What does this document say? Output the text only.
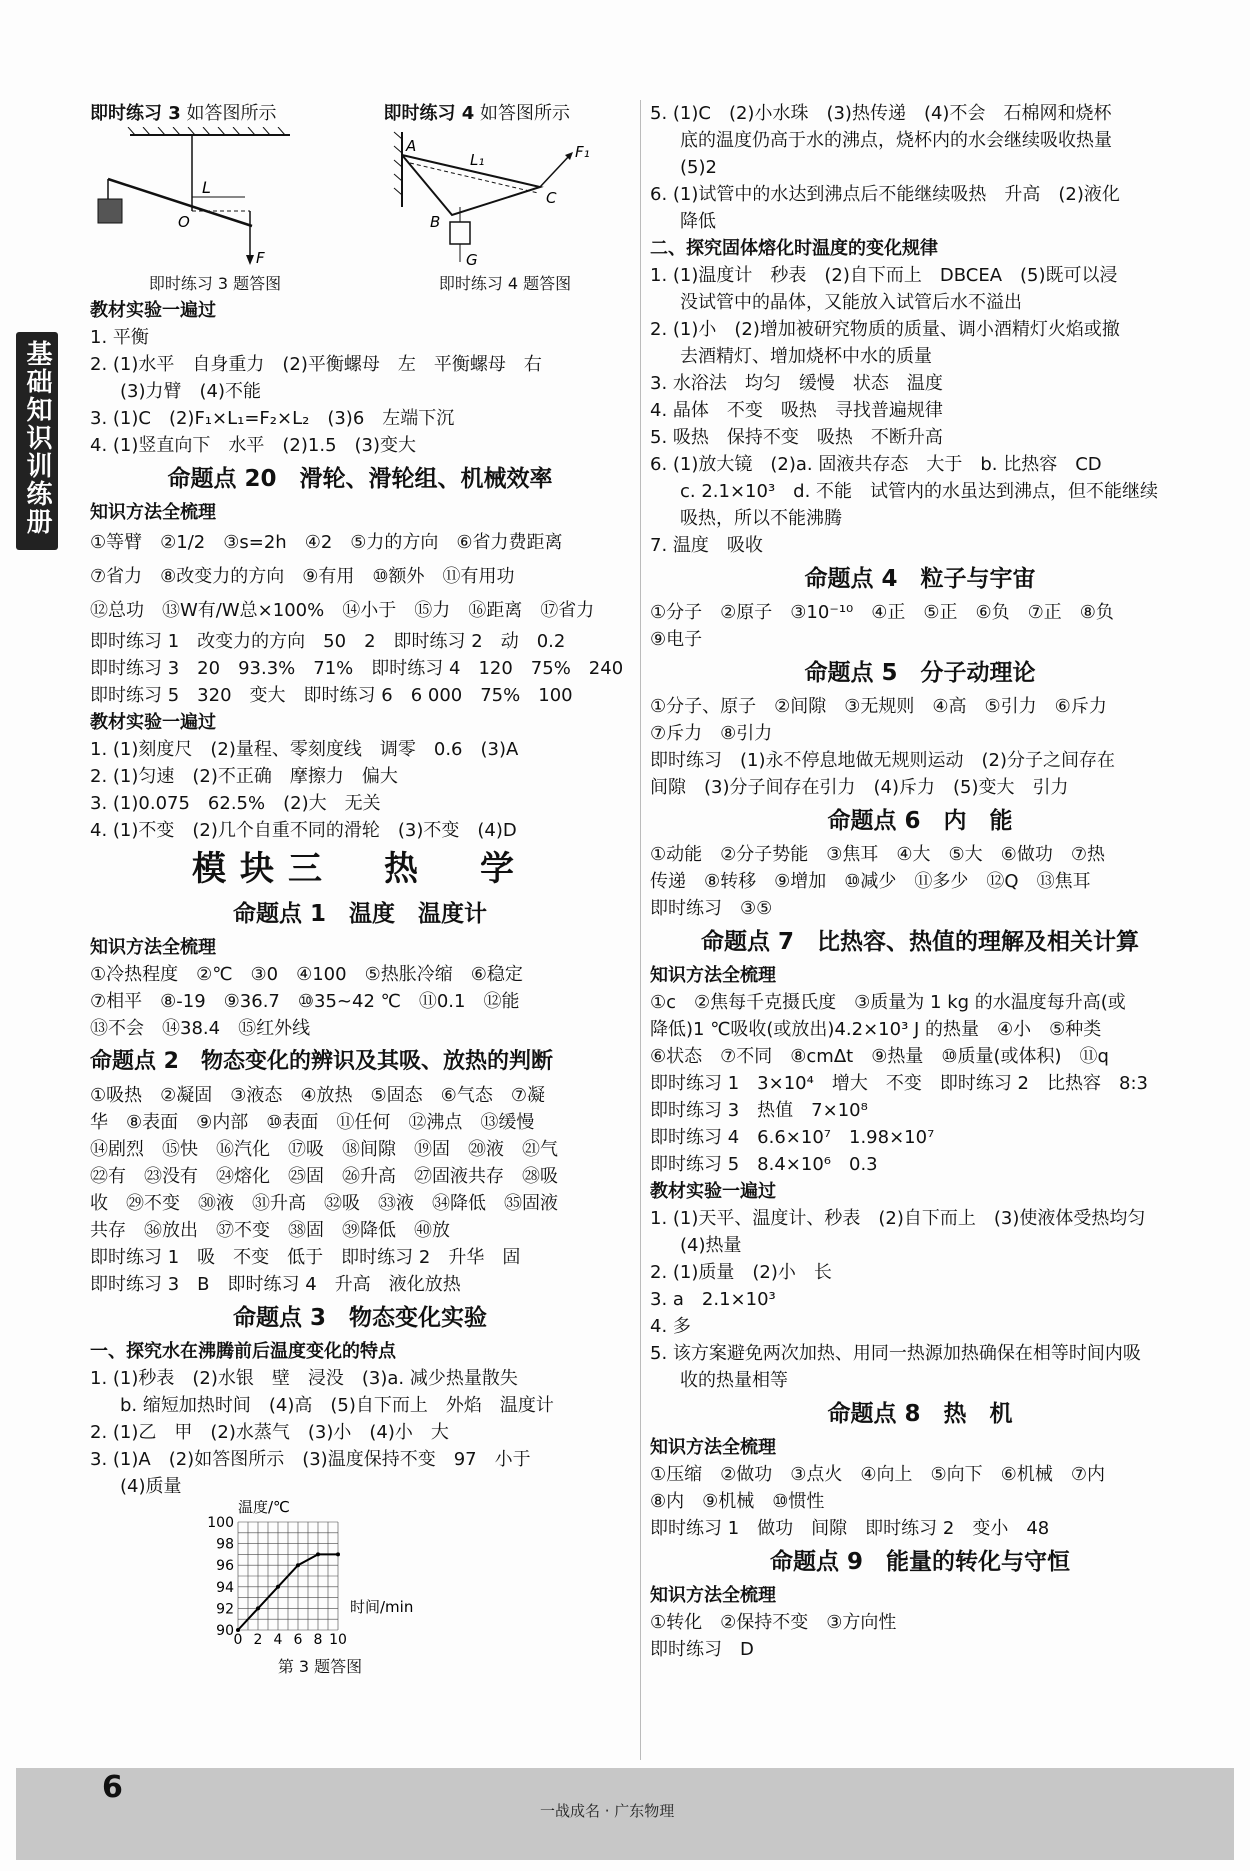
基础知识训练册
即时练习 3 如答图所示	即时练习 4 如答图所示
L
O
F
即时练习 3 题答图
A
L₁	F₁
B
C
G
即时练习 4 题答图
教材实验一遍过
1. 平衡
2. (1)水平　自身重力　(2)平衡螺母　左　平衡螺母　右
(3)力臂　(4)不能
3. (1)C　(2)F₁×L₁=F₂×L₂　(3)6　左端下沉
4. (1)竖直向下　水平　(2)1.5　(3)变大
命题点 20　滑轮、滑轮组、机械效率
知识方法全梳理
①等臂　②1/2　③s=2h　④2　⑤力的方向　⑥省力费距离
⑦省力　⑧改变力的方向　⑨有用　⑩额外　⑪有用功
⑫总功　⑬W有/W总×100%　⑭小于　⑮力　⑯距离　⑰省力
即时练习 1　改变力的方向　50　2　即时练习 2　动　0.2
即时练习 3　20　93.3%　71%　即时练习 4　120　75%　240
即时练习 5　320　变大　即时练习 6　6 000　75%　100
教材实验一遍过
1. (1)刻度尺　(2)量程、零刻度线　调零　0.6　(3)A
2. (1)匀速　(2)不正确　摩擦力　偏大
3. (1)0.075　62.5%　(2)大　无关
4. (1)不变　(2)几个自重不同的滑轮　(3)不变　(4)D
模块三　热　学
命题点 1　温度　温度计
知识方法全梳理
①冷热程度　②℃　③0　④100　⑤热胀冷缩　⑥稳定
⑦相平　⑧-19　⑨36.7　⑩35~42 ℃　⑪0.1　⑫能
⑬不会　⑭38.4　⑮红外线
命题点 2　物态变化的辨识及其吸、放热的判断
①吸热　②凝固　③液态　④放热　⑤固态　⑥气态　⑦凝
华　⑧表面　⑨内部　⑩表面　⑪任何　⑫沸点　⑬缓慢
⑭剧烈　⑮快　⑯汽化　⑰吸　⑱间隙　⑲固　⑳液　㉑气
㉒有　㉓没有　㉔熔化　㉕固　㉖升高　㉗固液共存　㉘吸
收　㉙不变　㉚液　㉛升高　㉜吸　㉝液　㉞降低　㉟固液
共存　㊱放出　㊲不变　㊳固　㊴降低　㊵放
即时练习 1　吸　不变　低于　即时练习 2　升华　固
即时练习 3　B　即时练习 4　升高　液化放热
命题点 3　物态变化实验
一、探究水在沸腾前后温度变化的特点
1. (1)秒表　(2)水银　壁　浸没　(3)a. 减少热量散失
b. 缩短加热时间　(4)高　(5)自下而上　外焰　温度计
2. (1)乙　甲　(2)水蒸气　(3)小　(4)小　大
3. (1)A　(2)如答图所示　(3)温度保持不变　97　小于
(4)质量
温度/℃
时间/min
100
98
96
94
92
90
0 2 4 6 8 10
第 3 题答图
5. (1)C　(2)小水珠　(3)热传递　(4)不会　石棉网和烧杯
底的温度仍高于水的沸点，烧杯内的水会继续吸收热量
(5)2
6. (1)试管中的水达到沸点后不能继续吸热　升高　(2)液化
降低
二、探究固体熔化时温度的变化规律
1. (1)温度计　秒表　(2)自下而上　DBCEA　(5)既可以浸
没试管中的晶体，又能放入试管后水不溢出
2. (1)小　(2)增加被研究物质的质量、调小酒精灯火焰或撤
去酒精灯、增加烧杯中水的质量
3. 水浴法　均匀　缓慢　状态　温度
4. 晶体　不变　吸热　寻找普遍规律
5. 吸热　保持不变　吸热　不断升高
6. (1)放大镜　(2)a. 固液共存态　大于　b. 比热容　CD
c. 2.1×10³　d. 不能　试管内的水虽达到沸点，但不能继续
吸热，所以不能沸腾
7. 温度　吸收
命题点 4　粒子与宇宙
①分子　②原子　③10⁻¹⁰　④正　⑤正　⑥负　⑦正　⑧负
⑨电子
命题点 5　分子动理论
①分子、原子　②间隙　③无规则　④高　⑤引力　⑥斥力
⑦斥力　⑧引力
即时练习　(1)永不停息地做无规则运动　(2)分子之间存在
间隙　(3)分子间存在引力　(4)斥力　(5)变大　引力
命题点 6　内　能
①动能　②分子势能　③焦耳　④大　⑤大　⑥做功　⑦热
传递　⑧转移　⑨增加　⑩减少　⑪多少　⑫Q　⑬焦耳
即时练习　③⑤
命题点 7　比热容、热值的理解及相关计算
知识方法全梳理
①c　②焦每千克摄氏度　③质量为 1 kg 的水温度每升高(或
降低)1 ℃吸收(或放出)4.2×10³ J 的热量　④小　⑤种类
⑥状态　⑦不同　⑧cmΔt　⑨热量　⑩质量(或体积)　⑪q
即时练习 1　3×10⁴　增大　不变　即时练习 2　比热容　8:3
即时练习 3　热值　7×10⁸
即时练习 4　6.6×10⁷　1.98×10⁷
即时练习 5　8.4×10⁶　0.3
教材实验一遍过
1. (1)天平、温度计、秒表　(2)自下而上　(3)使液体受热均匀
(4)热量
2. (1)质量　(2)小　长
3. a　2.1×10³
4. 多
5. 该方案避免两次加热、用同一热源加热确保在相等时间内吸
收的热量相等
命题点 8　热　机
知识方法全梳理
①压缩　②做功　③点火　④向上　⑤向下　⑥机械　⑦内
⑧内　⑨机械　⑩惯性
即时练习 1　做功　间隙　即时练习 2　变小　48
命题点 9　能量的转化与守恒
知识方法全梳理
①转化　②保持不变　③方向性
即时练习　D
6
一战成名 · 广东物理
